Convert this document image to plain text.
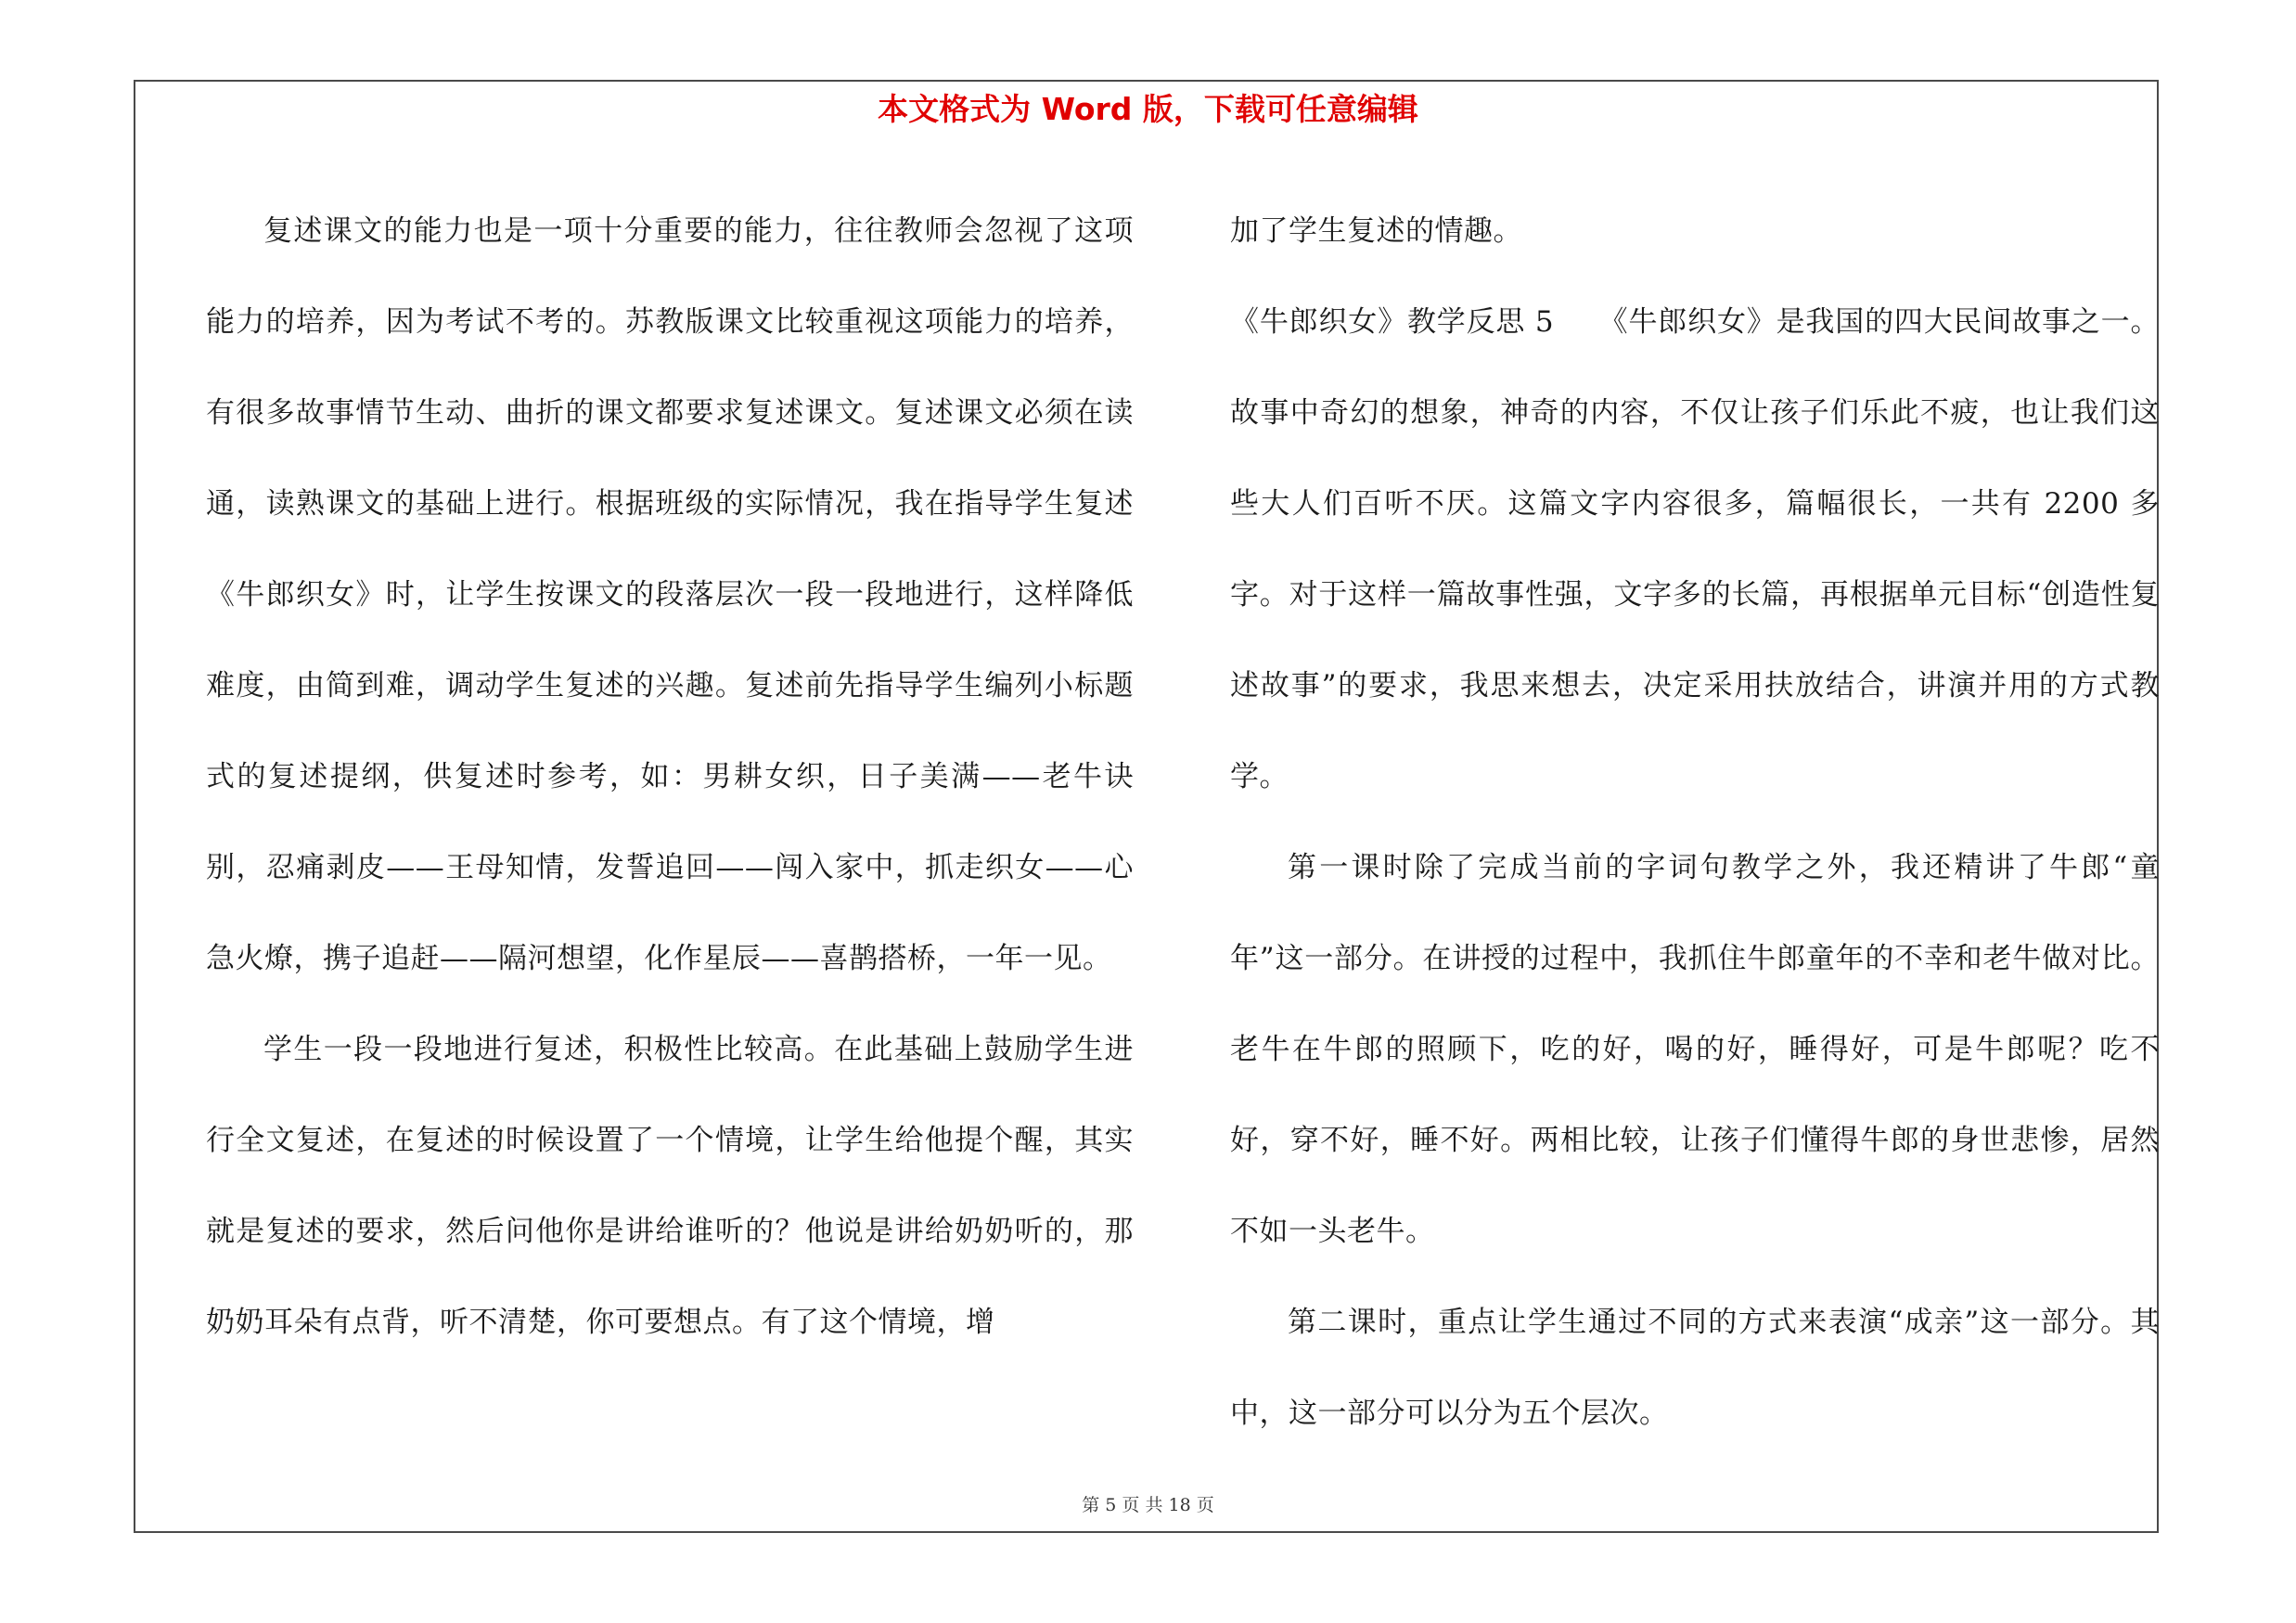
本文格式为 Word 版，下载可任意编辑

复述课文的能力也是一项十分重要的能力，往往教师会忽视了这项能力的培养，因为考试不考的。苏教版课文比较重视这项能力的培养，有很多故事情节生动、曲折的课文都要求复述课文。复述课文必须在读通，读熟课文的基础上进行。根据班级的实际情况，我在指导学生复述《牛郎织女》时，让学生按课文的段落层次一段一段地进行，这样降低难度，由简到难，调动学生复述的兴趣。复述前先指导学生编列小标题式的复述提纲，供复述时参考，如：男耕女织，日子美满——老牛诀别，忍痛剥皮——王母知情，发誓追回——闯入家中，抓走织女——心急火燎，携子追赶——隔河想望，化作星辰——喜鹊搭桥，一年一见。

学生一段一段地进行复述，积极性比较高。在此基础上鼓励学生进行全文复述，在复述的时候设置了一个情境，让学生给他提个醒，其实就是复述的要求，然后问他你是讲给谁听的？他说是讲给奶奶听的，那奶奶耳朵有点背，听不清楚，你可要想点。有了这个情境，增

加了学生复述的情趣。

《牛郎织女》教学反思 5　　《牛郎织女》是我国的四大民间故事之一。故事中奇幻的想象，神奇的内容，不仅让孩子们乐此不疲，也让我们这些大人们百听不厌。这篇文字内容很多，篇幅很长，一共有 2200 多字。对于这样一篇故事性强，文字多的长篇，再根据单元目标“创造性复述故事”的要求，我思来想去，决定采用扶放结合，讲演并用的方式教学。

第一课时除了完成当前的字词句教学之外，我还精讲了牛郎“童年”这一部分。在讲授的过程中，我抓住牛郎童年的不幸和老牛做对比。老牛在牛郎的照顾下，吃的好，喝的好，睡得好，可是牛郎呢？吃不好，穿不好，睡不好。两相比较，让孩子们懂得牛郎的身世悲惨，居然不如一头老牛。

第二课时，重点让学生通过不同的方式来表演“成亲”这一部分。其中，这一部分可以分为五个层次。

第 5 页 共 18 页
